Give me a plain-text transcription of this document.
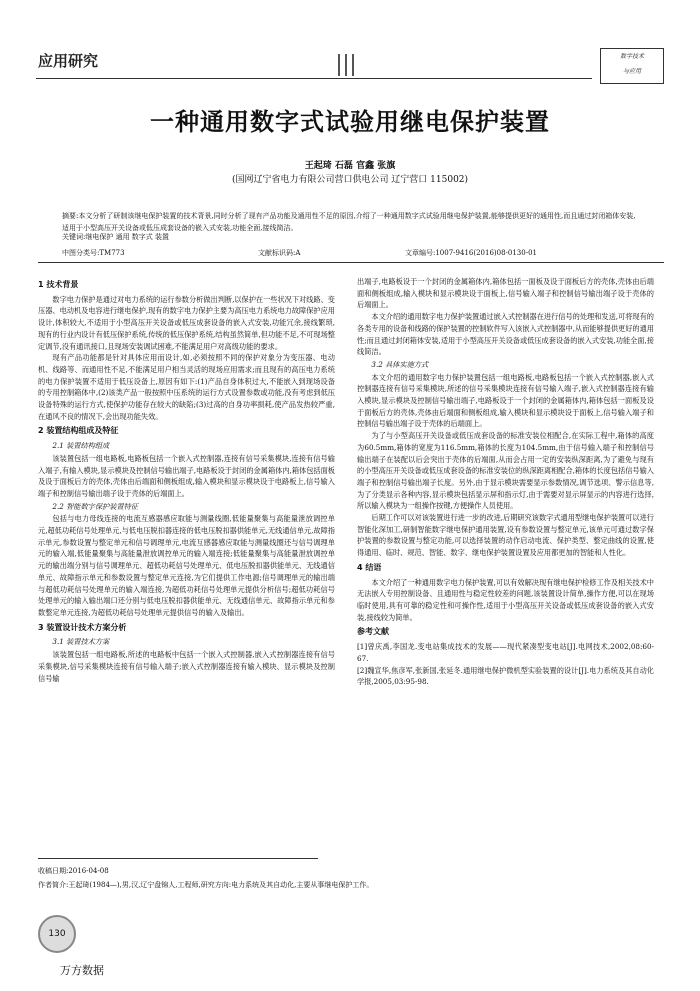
应用研究	数字技术
与应用
一种通用数字式试验用继电保护装置
王起琦 石磊 官鑫 张旗
(国网辽宁省电力有限公司营口供电公司 辽宁营口 115002)
摘要:本文分析了研制该继电保护装置的技术背景,同时分析了现有产品功能及通用性不足的原因,介绍了一种通用数字式试验用继电保护装置,能够提供更好的通用性,而且通过封闭箱体安装,适用于小型高压开关设备或低压成套设备的嵌入式安装,功能全面,接线简洁。
关键词:继电保护 通用 数字式 装置
中图分类号:TM773	文献标识码:A	文章编号:1007-9416(2016)08-0130-01
1 技术背景

数字电力保护是通过对电力系统的运行参数分析做出判断,以保护在一些状况下对线路、变压器、电动机及电容进行继电保护,现有的数字电力保护主要为高压电力系统电力故障保护应用设计,体积较大,不适用于小型高压开关设备或低压成套设备的嵌入式安装,功能冗余,接线繁琐,现有的行业内设计有低压保护系统,传统的低压保护系统,结构虽然简单,但功能不足,不可现场整定调节,没有通讯接口,且现场安装调试困难,不能满足用户对高级功能的要求。

现有产品功能都是针对具体应用而设计,如,必须按照不同的保护对象分为变压器、电动机、线路等、而通用性不足,不能满足用户相当灵活的现场应用需求;而且现有的高压电力系统的电力保护装置不适用于低压设备上,原因有如下:(1)产品自身体积过大,不能嵌入到现场设备的专用控制箱体中,(2)该类产品一般按照中压系统的运行方式设置参数或功能,没有考虑到低压设备特殊的运行方式,使保护功能存在较大的缺陷;(3)过高的自身功率损耗,使产品发热较严重,在通风不良的情况下,会出现功能失效。

2 装置结构组成及特征
2.1 装置结构组成

该装置包括一组电路板,电路板包括一个嵌入式控制器,连接有信号采集模块,连接有信号输入端子,有输入模块,显示模块及控制信号输出端子,电路板设于封闭的金属箱体内,箱体包括面板及设于面板后方的壳体,壳体由后端面和侧板组成,输入模块和显示模块设于电路板上,信号输入端子和控制信号输出端子设于壳体的后端面上。

2.2 智能数字保护装置特征

包括与电力母线连接的电流互感器感应取能与测量线圈,低能量聚集与高能量泄放调控单元,超低功耗信号处理单元,与低电压脱扣器连接的低电压脱扣器供能单元,无线通信单元,故障指示单元,参数设置与整定单元和信号调理单元,电流互感器感应取能与测量线圈还与信号调理单元的输入端,低能量聚集与高能量泄放调控单元的输入端连接;低能量聚集与高能量泄放调控单元的输出端分别与信号调理单元、超低功耗信号处理单元、低电压脱扣器供能单元、无线通信单元、故障指示单元和参数设置与整定单元连接,为它们提供工作电源;信号调理单元的输出端与超低功耗信号处理单元的输入端连接,为超低功耗信号处理单元提供分析信号;超低功耗信号处理单元的输入输出端口还分别与低电压脱扣器供能单元、无线通信单元、故障指示单元和参数整定单元连接,为超低功耗信号处理单元提供信号的输入及输出。

3 装置设计技术方案分析
3.1 装置技术方案

该装置包括一组电路板,所述的电路板中包括一个嵌入式控制器,嵌入式控制器连接有信号采集模块,信号采集模块连接有信号输入端子;嵌入式控制器连接有输入模块、显示模块及控制信号输

出端子,电路板设于一个封闭的金属箱体内,箱体包括一面板及设于面板后方的壳体,壳体由后端面和侧板组成,输入模块和显示模块设于面板上,信号输入端子和控制信号输出端子设于壳体的后端面上。

本文介绍的通用数字电力保护装置通过嵌入式控制器在进行信号的处理和发送,可将现有的各类专用的设备和线路的保护装置的控制软件写入该嵌入式控制器中,从而能够提供更好的通用性;而且通过封闭箱体安装,适用于小型高压开关设备或低压成套设备的嵌入式安装,功能全面,接线简洁。

3.2 具体实施方式

本文介绍的通用数字电力保护装置包括一组电路板,电路板包括一个嵌入式控制器,嵌入式控制器连接有信号采集模块,所述的信号采集模块连接有信号输入端子,嵌入式控制器连接有输入模块,显示模块及控制信号输出端子,电路板设于一个封闭的金属箱体内,箱体包括一面板及设于面板后方的壳体,壳体由后端面和侧板组成,输入模块和显示模块设于面板上,信号输入端子和控制信号输出端子设于壳体的后端面上。

为了与小型高压开关设备或低压成套设备的标准安装位相配合,在实际工程中,箱体的高度为60.5mm,箱体的宽度为116.5mm,箱体的长度为104.5mm,由于信号输入端子和控制信号输出端子在装配以后会突出于壳体的后端面,从而会占用一定的安装纵深距离,为了避免与现有的小型高压开关设备或低压成套设备的标准安装位的纵深距离相配合,箱体的长度包括信号输入端子和控制信号输出端子长度。另外,由于显示模块需要显示参数情况,调节选项、警示信息等,为了分类显示各种内容,显示模块包括显示屏和指示灯,由于需要对显示屏显示的内容进行选择,所以输入模块为一组操作按键,方便操作人员使用。

后期工作可以对该装置进行进一步的改进,后期研究该数字式通用型继电保护装置可以进行智能化深加工,研制智能数字继电保护通用装置,设有参数设置与整定单元,该单元可通过数字保护装置的参数设置与整定功能,可以选择装置的动作启动电流、保护类型、整定曲线的设置,使得通用、临时、规范、智能、数字、继电保护装置设置及应用都更加的智能和人性化。

4 结语

本文介绍了一种通用数字电力保护装置,可以有效解决现有继电保护检修工作及相关技术中无法嵌入专用控制设备、且通用性与稳定性较差的问题,该装置设计简单,操作方便,可以在现场临时使用,具有可靠的稳定性和可操作性,适用于小型高压开关设备或低压成套设备的嵌入式安装,接线较为简单。

参考文献

[1]曾庆禹,李国龙.变电站集成技术的发展——现代紧凑型变电站[J].电网技术,2002,08:60-67.

[2]魏宣华,焦彦军,张新国,张延冬.通用继电保护微机型实验装置的设计[J].电力系统及其自动化学报,2005,03:95-98.

收稿日期:2016-04-08
作者简介:王起琦(1984—),男,汉,辽宁盘锦人,工程师,研究方向:电力系统及其自动化,主要从事继电保护工作。
130
万方数据
